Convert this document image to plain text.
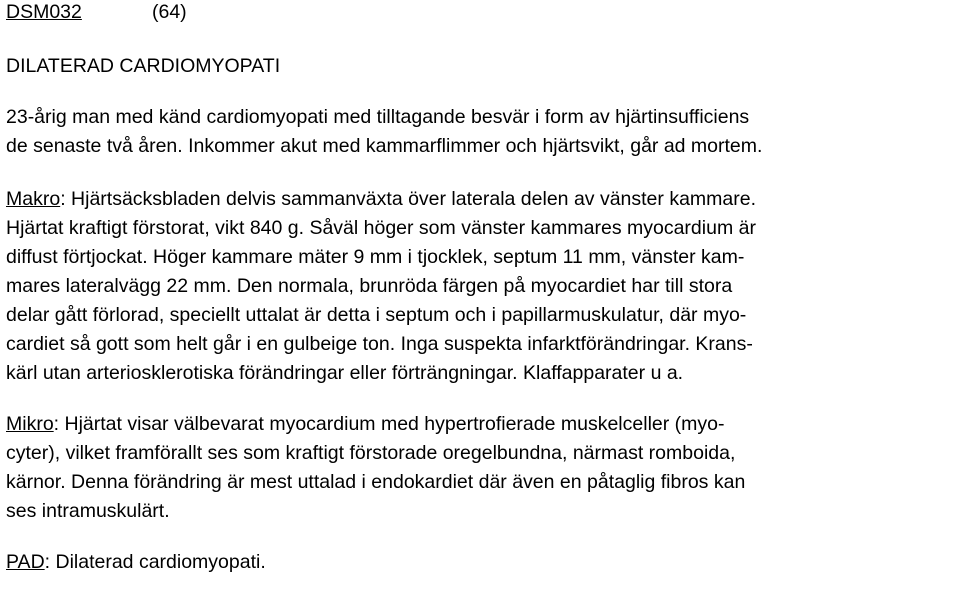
DSM032	(64)
DILATERAD CARDIOMYOPATI
23-årig man med känd cardiomyopati med tilltagande besvär i form av hjärtinsufficiens
de senaste två åren. Inkommer akut med kammarflimmer och hjärtsvikt, går ad mortem.
Makro: Hjärtsäcksbladen delvis sammanväxta över laterala delen av vänster kammare.
Hjärtat kraftigt förstorat, vikt 840 g. Såväl höger som vänster kammares myocardium är
diffust förtjockat. Höger kammare mäter 9 mm i tjocklek, septum 11 mm, vänster kam-
mares lateralvägg 22 mm. Den normala, brunröda färgen på myocardiet har till stora
delar gått förlorad, speciellt uttalat är detta i septum och i papillarmuskulatur, där myo-
cardiet så gott som helt går i en gulbeige ton. Inga suspekta infarktförändringar. Krans-
kärl utan arteriosklerotiska förändringar eller förträngningar. Klaffapparater u a.
Mikro: Hjärtat visar välbevarat myocardium med hypertrofierade muskelceller (myo-
cyter), vilket framförallt ses som kraftigt förstorade oregelbundna, närmast romboida,
kärnor. Denna förändring är mest uttalad i endokardiet där även en påtaglig fibros kan
ses intramuskulärt.
PAD: Dilaterad cardiomyopati.
